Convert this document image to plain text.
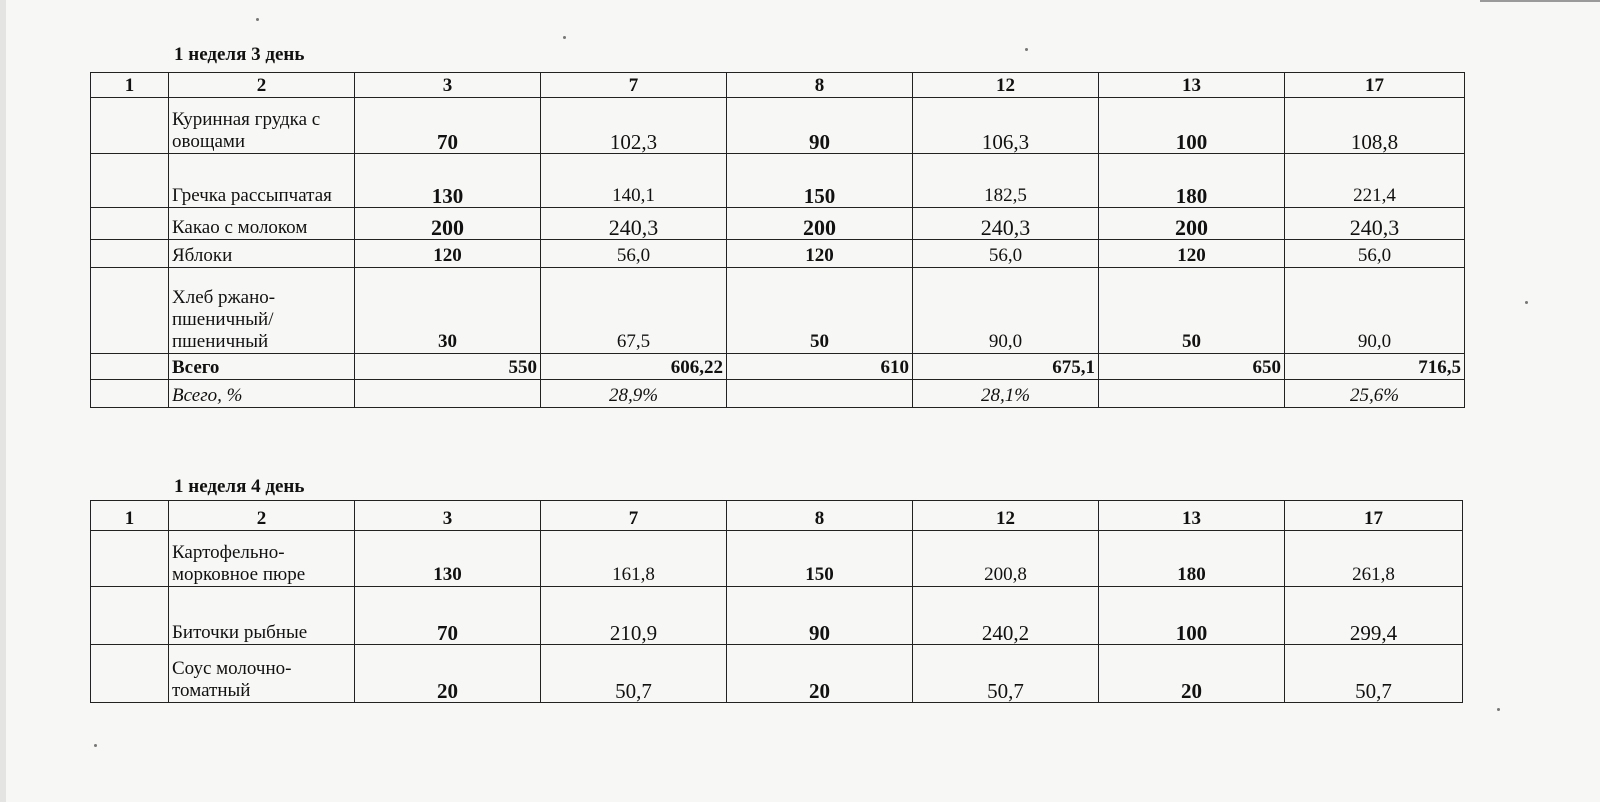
1 неделя 3 день
1	2	3	7	8	12	13	17
	Куринная грудка с овощами	70	102,3	90	106,3	100	108,8
	Гречка рассыпчатая	130	140,1	150	182,5	180	221,4
	Какао с молоком	200	240,3	200	240,3	200	240,3
	Яблоки	120	56,0	120	56,0	120	56,0
	Хлеб ржано-пшеничный/ пшеничный	30	67,5	50	90,0	50	90,0
	Всего	550	606,22	610	675,1	650	716,5
	Всего, %		28,9%		28,1%		25,6%
1 неделя 4 день
1	2	3	7	8	12	13	17
	Картофельно-морковное пюре	130	161,8	150	200,8	180	261,8
	Биточки рыбные	70	210,9	90	240,2	100	299,4
	Соус молочно-томатный	20	50,7	20	50,7	20	50,7
